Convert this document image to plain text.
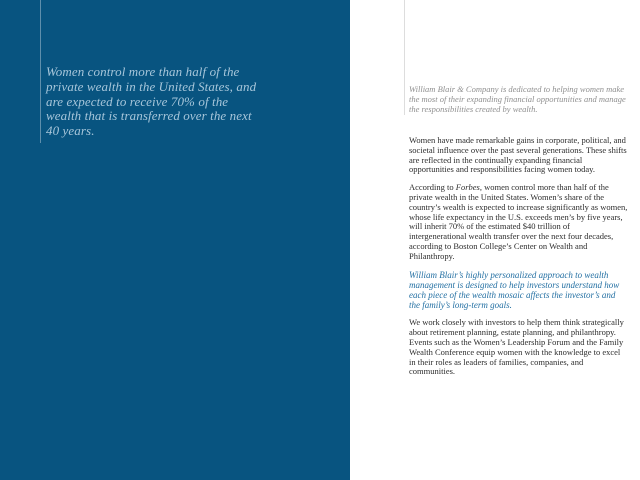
Women control more than half of the private wealth in the United States, and are expected to receive 70% of the wealth that is transferred over the next 40 years.

William Blair & Company is dedicated to helping women make the most of their expanding financial opportunities and manage the responsibilities created by wealth.

Women have made remarkable gains in corporate, political, and societal influence over the past several generations. These shifts are reflected in the continually expanding financial opportunities and responsibilities facing women today.

According to Forbes, women control more than half of the private wealth in the United States. Women’s share of the country’s wealth is expected to increase significantly as women, whose life expectancy in the U.S. exceeds men’s by five years, will inherit 70% of the estimated $40 trillion of intergenerational wealth transfer over the next four decades, according to Boston College’s Center on Wealth and Philanthropy.

William Blair’s highly personalized approach to wealth management is designed to help investors understand how each piece of the wealth mosaic affects the investor’s and the family’s long-term goals.

We work closely with investors to help them think strategically about retirement planning, estate planning, and philanthropy. Events such as the Women’s Leadership Forum and the Family Wealth Conference equip women with the knowledge to excel in their roles as leaders of families, companies, and communities.
